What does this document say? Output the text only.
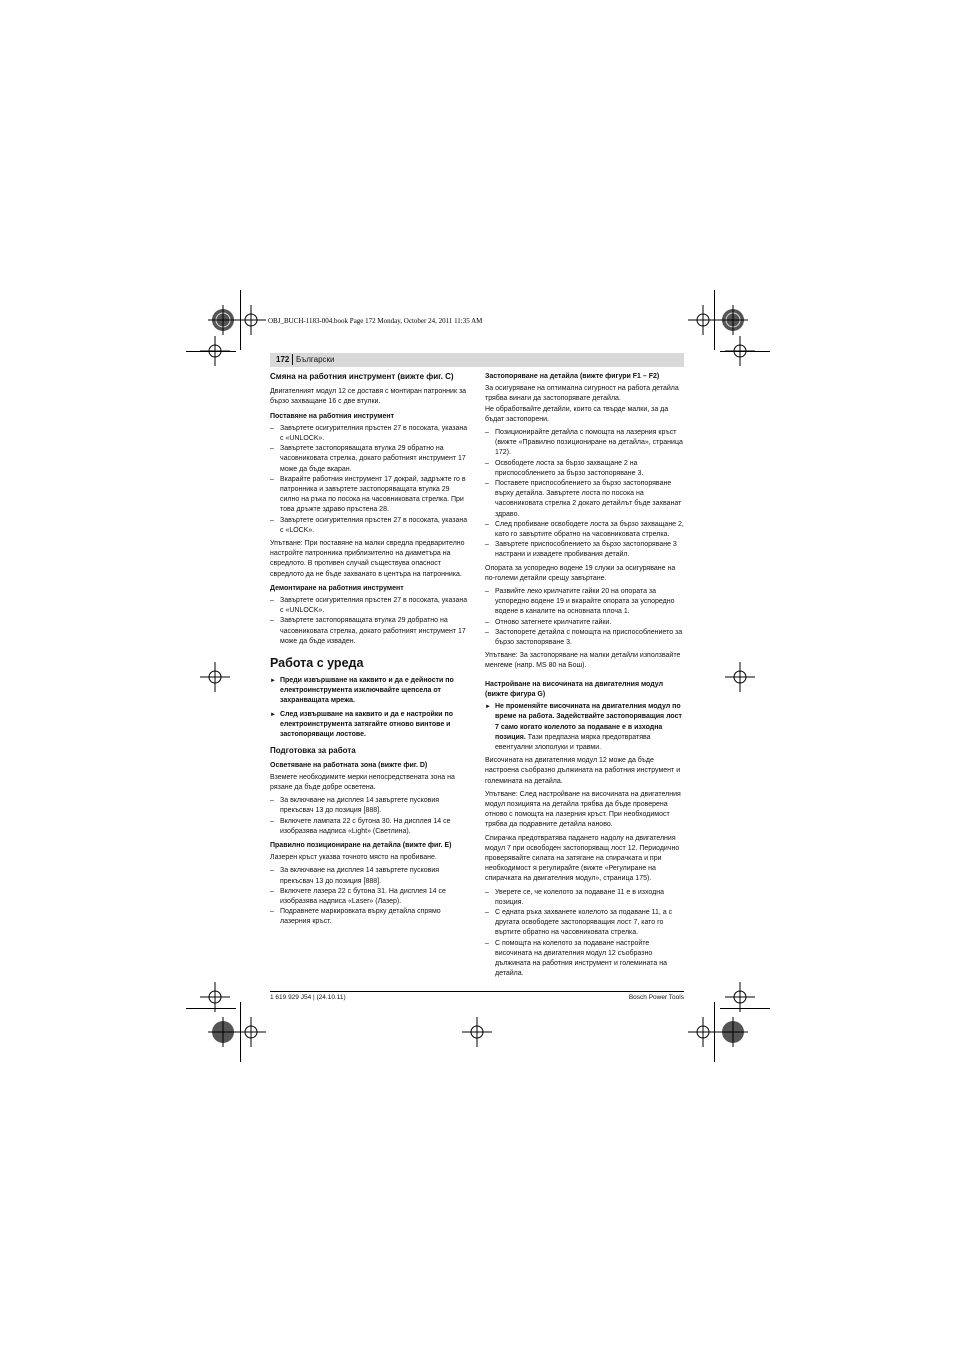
OBJ_BUCH-1183-004.book Page 172 Monday, October 24, 2011 11:35 AM
172 Български
Смяна на работния инструмент (вижте фиг. C)

Двигателният модул 12 се доставя с монтиран патронник за бързо захващане 16 с две втулки.

Поставяне на работния инструмент
– Завъртете осигурителния пръстен 27 в посоката, указана с «UNLOCK».
– Завъртете застопоряващата втулка 29 обратно на часовниковата стрелка, докато работният инструмент 17 може да бъде вкаран.
– Вкарайте работния инструмент 17 докрай, задръжте го в патронника и завъртете застопоряващата втулка 29 силно на ръка по посока на часовниковата стрелка. При това дръжте здраво пръстена 28.
– Завъртете осигурителния пръстен 27 в посоката, указана с «LOCK».

Упътване: При поставяне на малки свредла предварително настройте патронника приблизително на диаметъра на свредлото. В противен случай съществува опасност свредлото да не бъде захванато в центъра на патронника.

Демонтиране на работния инструмент
– Завъртете осигурителния пръстен 27 в посоката, указана с «UNLOCK».
– Завъртете застопоряващата втулка 29 добратно на часовниковата стрелка, докато работният инструмент 17 може да бъде изваден.
Работа с уреда
► Преди извършване на каквито и да е дейности по електроинструмента изключвайте щепсела от захранващата мрежа.
► След извършване на каквито и да е настройки по електроинструмента затягайте отново винтове и застопоряващи лостове.
Подготовка за работа
Осветяване на работната зона (вижте фиг. D)

Вземете необходимите мерки непосредствената зона на рязане да бъде добре осветена.

– За включване на дисплея 14 завъртете пусковия прекъсвач 13 до позиция [888].
– Включете лампата 22 с бутона 30. На дисплея 14 се изобразява надписа «Light» (Светлина).
Правилно позициониране на детайла (вижте фиг. E)

Лазерен кръст указва точното място на пробиване.

– За включване на дисплея 14 завъртете пусковия прекъсвач 13 до позиция [888].
– Включете лазера 22 с бутона 31. На дисплея 14 се изобразява надписа «Laser» (Лазер).
– Подравнете маркировката върху детайла спрямо лазерния кръст.
Застопоряване на детайла (вижте фигури F1 – F2)

За осигуряване на оптимална сигурност на работа детайла трябва винаги да застопорявате детайла.

Не обработвайте детайли, които са твърде малки, за да бъдат застопорени.

– Позиционирайте детайла с помощта на лазерния кръст (вижте «Правилно позициониране на детайла», страница 172).
– Освободете лоста за бързо захващане 2 на приспособлението за бързо застопоряване 3.
– Поставете приспособлението за бързо застопоряване върху детайла. Завъртете лоста по посока на часовниковата стрелка 2 докато детайлът бъде захванат здраво.
– След пробиване освободете лоста за бързо захващане 2, като го завъртите обратно на часовниковата стрелка.
– Завъртете приспособлението за бързо застопоряване 3 настрани и извадете пробивания детайл.

Опората за успоредно водене 19 служи за осигуряване на по-големи детайли срещу завъртане.

– Развийте леко крилчатите гайки 20 на опората за успоредно водене 19 и вкарайте опората за успоредно водене в каналите на основната плоча 1.
– Отново затегнете крилчатите гайки.
– Застопорете детайла с помощта на приспособлението за бързо застопоряване 3.

Упътване: За застопоряване на малки детайли използвайте менгеме (напр. MS 80 на Бош).

Настройване на височината на двигателния модул (вижте фигура G)
► Не променяйте височината на двигателния модул по време на работа. Задействайте застопоряващия лост 7 само когато колелото за подаване е в изходна позиция. Тази предпазна мярка предотвратява евентуални злополуки и травми.

Височината на двигателния модул 12 може да бъде настроена съобразно дължината на работния инструмент и големината на детайла.

Упътване: След настройване на височината на двигателния модул позицията на детайла трябва да бъде проверена отново с помощта на лазерния кръст. При необходимост трябва да подравните детайла наново.

Спирачка предотвратява падането надолу на двигателния модул 7 при освободен застопоряващ лост 12. Периодично проверявайте силата на затягане на спирачката и при необходимост я регулирайте (вижте «Регулиране на спирачката на двигателния модул», страница 175).

– Уверете се, че колелото за подаване 11 е в изходна позиция.
– С едната ръка захванете колелото за подаване 11, а с другата освободете застопоряващия лост 7, като го въртите обратно на часовниковата стрелка.
– С помощта на колелото за подаване настройте височината на двигателния модул 12 съобразно дължината на работния инструмент и големината на детайла.
1 619 929 J54 | (24.10.11)	Bosch Power Tools
